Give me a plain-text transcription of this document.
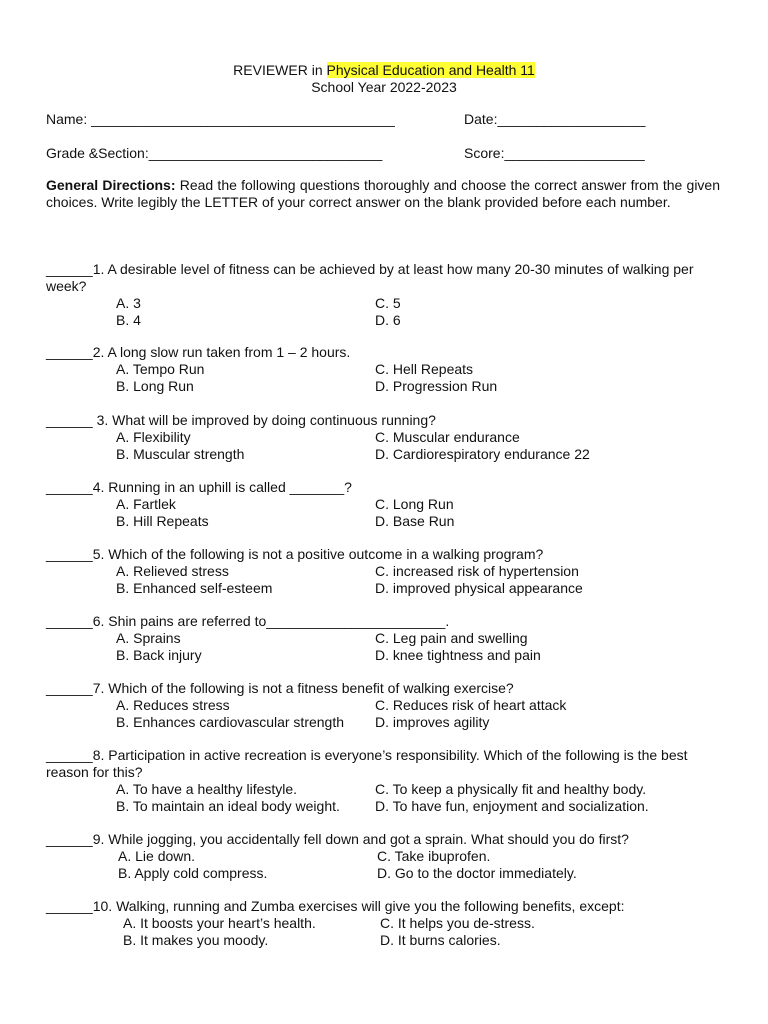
REVIEWER in Physical Education and Health 11
School Year 2022-2023
Name: _______________________________________	Date:___________________
Grade &Section:______________________________	Score:__________________
General Directions: Read the following questions thoroughly and choose the correct answer from the given choices. Write legibly the LETTER of your correct answer on the blank provided before each number.
______1. A desirable level of fitness can be achieved by at least how many 20-30 minutes of walking per week?
A. 3	C. 5
B. 4	D. 6
______2. A long slow run taken from 1 – 2 hours.
A. Tempo Run	C. Hell Repeats
B. Long Run	D. Progression Run
______ 3. What will be improved by doing continuous running?
A. Flexibility	C. Muscular endurance
B. Muscular strength	D. Cardiorespiratory endurance 22
______4. Running in an uphill is called _______?
A. Fartlek	C. Long Run
B. Hill Repeats	D. Base Run
______5. Which of the following is not a positive outcome in a walking program?
A. Relieved stress	C. increased risk of hypertension
B. Enhanced self-esteem	D. improved physical appearance
______6. Shin pains are referred to_______________________.
A. Sprains	C. Leg pain and swelling
B. Back injury	D. knee tightness and pain
______7. Which of the following is not a fitness benefit of walking exercise?
A. Reduces stress	C. Reduces risk of heart attack
B. Enhances cardiovascular strength	D. improves agility
______8. Participation in active recreation is everyone’s responsibility. Which of the following is the best reason for this?
A. To have a healthy lifestyle.	C. To keep a physically fit and healthy body.
B. To maintain an ideal body weight.	D. To have fun, enjoyment and socialization.
______9. While jogging, you accidentally fell down and got a sprain. What should you do first?
A. Lie down.	C. Take ibuprofen.
B. Apply cold compress.	D. Go to the doctor immediately.
______10. Walking, running and Zumba exercises will give you the following benefits, except:
A. It boosts your heart’s health.	C. It helps you de-stress.
B. It makes you moody.	D. It burns calories.
